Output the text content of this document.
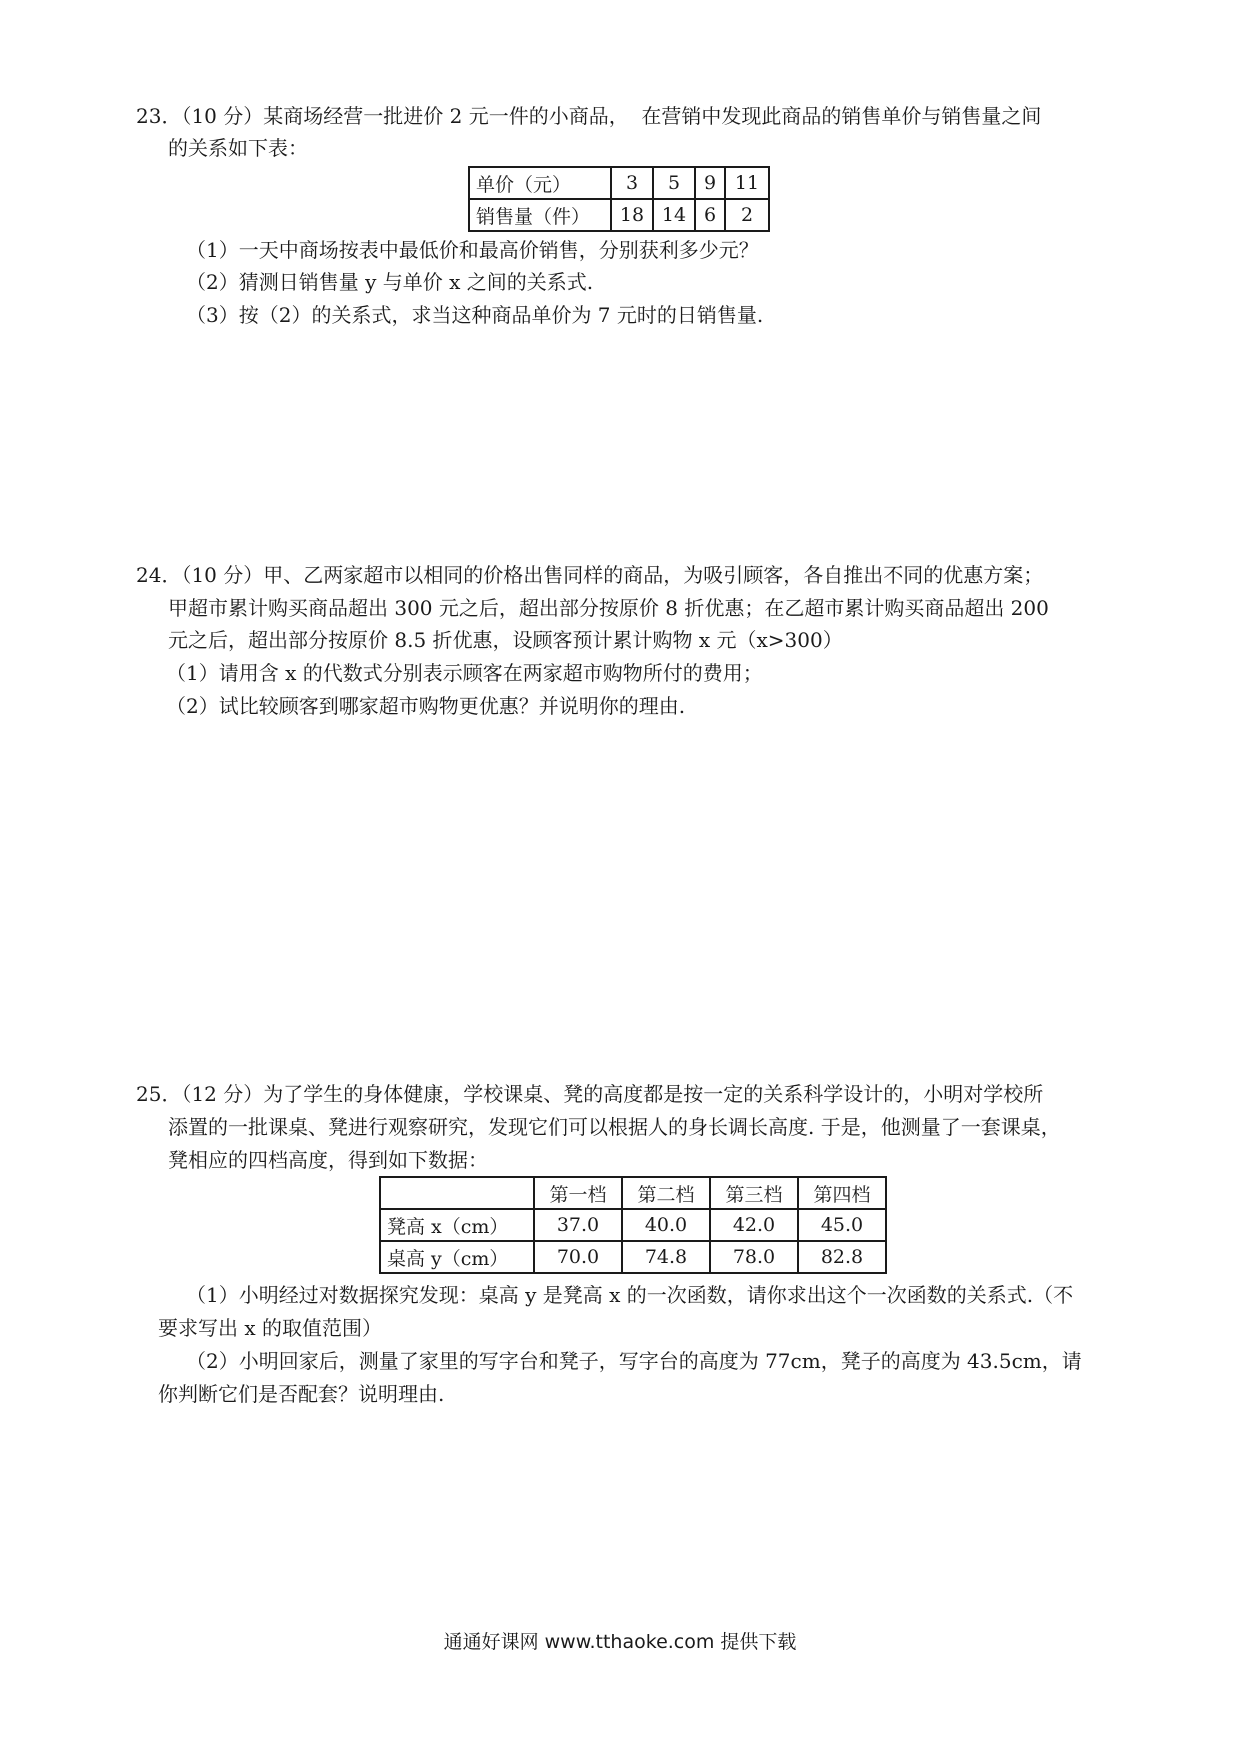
23．（10 分）某商场经营一批进价 2 元一件的小商品，  在营销中发现此商品的销售单价与销售量之间
的关系如下表：
单价（元）	3	5	9	11
销售量（件）	18	14	6	2
（1）一天中商场按表中最低价和最高价销售，分别获利多少元？
（2）猜测日销售量 y 与单价 x 之间的关系式.
（3）按（2）的关系式，求当这种商品单价为 7 元时的日销售量.
24．（10 分）甲、乙两家超市以相同的价格出售同样的商品，为吸引顾客，各自推出不同的优惠方案；
甲超市累计购买商品超出 300 元之后，超出部分按原价 8 折优惠；在乙超市累计购买商品超出 200
元之后，超出部分按原价 8.5 折优惠，设顾客预计累计购物 x 元（x>300）
（1）请用含 x 的代数式分别表示顾客在两家超市购物所付的费用；
（2）试比较顾客到哪家超市购物更优惠？并说明你的理由.
25．（12 分）为了学生的身体健康，学校课桌、凳的高度都是按一定的关系科学设计的，小明对学校所
添置的一批课桌、凳进行观察研究，发现它们可以根据人的身长调长高度. 于是，他测量了一套课桌，
凳相应的四档高度，得到如下数据：
	第一档	第二档	第三档	第四档
凳高 x（cm）	37.0	40.0	42.0	45.0
桌高 y（cm）	70.0	74.8	78.0	82.8
（1）小明经过对数据探究发现：桌高 y 是凳高 x 的一次函数，请你求出这个一次函数的关系式.（不
要求写出 x 的取值范围）
（2）小明回家后，测量了家里的写字台和凳子，写字台的高度为 77cm，凳子的高度为 43.5cm，请
你判断它们是否配套？说明理由.
通通好课网 www.tthaoke.com 提供下载
